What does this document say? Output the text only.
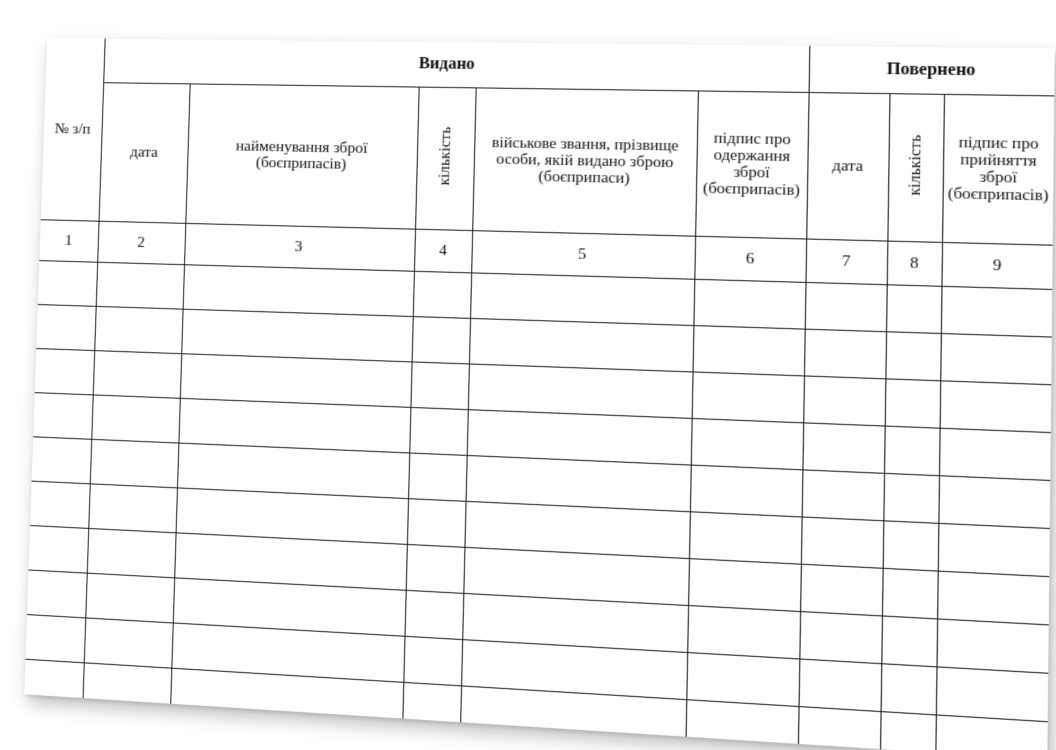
№ з/п	Видано					Повернено		
	дата	найменування зброї (боєприпасів)	кількість	військове звання, прізвище особи, якій видано зброю (боєприпаси)	підпис про одержання зброї (боєприпасів)	дата	кількість	підпис про прийняття зброї (боєприпасів)
1	2	3	4	5	6	7	8	9
